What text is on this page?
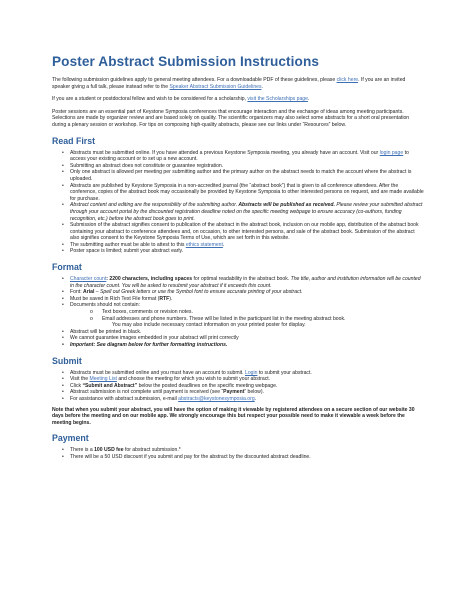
Poster Abstract Submission Instructions

The following submission guidelines apply to general meeting attendees. For a downloadable PDF of these guidelines, please click here. If you are an invited speaker giving a full talk, please instead refer to the Speaker Abstract Submission Guidelines.

If you are a student or postdoctoral fellow and wish to be considered for a scholarship, visit the Scholarships page.

Poster sessions are an essential part of Keystone Symposia conferences that encourage interaction and the exchange of ideas among meeting participants. Selections are made by organizer review and are based solely on quality. The scientific organizers may also select some abstracts for a short oral presentation during a plenary session or workshop. For tips on composing high-quality abstracts, please see our links under “Resources” below.

Read First
• Abstracts must be submitted online. If you have attended a previous Keystone Symposia meeting, you already have an account. Visit our login page to access your existing account or to set up a new account.
• Submitting an abstract does not constitute or guarantee registration.
• Only one abstract is allowed per meeting per submitting author and the primary author on the abstract needs to match the account where the abstract is uploaded.
• Abstracts are published by Keystone Symposia in a non-accredited journal (the “abstract book”) that is given to all conference attendees. After the conference, copies of the abstract book may occasionally be provided by Keystone Symposia to other interested persons on request, and are made available for purchase.
• Abstract content and editing are the responsibility of the submitting author. Abstracts will be published as received. Please review your submitted abstract through your account portal by the discounted registration deadline noted on the specific meeting webpage to ensure accuracy (co-authors, funding recognition, etc.) before the abstract book goes to print.
• Submission of the abstract signifies consent to publication of the abstract in the abstract book, inclusion on our mobile app, distribution of the abstract book containing your abstract to conference attendees and, on occasion, to other interested persons, and sale of the abstract book. Submission of the abstract also signifies consent to the Keystone Symposia Terms of Use, which are set forth in this website.
• The submitting author must be able to attest to this ethics statement.
• Poster space is limited; submit your abstract early.
Format
• Character count: 2200 characters, including spaces for optimal readability in the abstract book. The title, author and institution information will be counted in the character count. You will be asked to resubmit your abstract if it exceeds this count.
• Font: Arial – Spell out Greek letters or use the Symbol font to ensure accurate printing of your abstract.
• Must be saved in Rich Text File format (RTF).
• Documents should not contain:
o Text boxes, comments or revision notes.
o Email addresses and phone numbers. These will be listed in the participant list in the meeting abstract book.
You may also include necessary contact information on your printed poster for display.
• Abstract will be printed in black.
• We cannot guarantee images embedded in your abstract will print correctly
• Important: See diagram below for further formatting instructions.
Submit
• Abstracts must be submitted online and you must have an account to submit. Login to submit your abstract.
• Visit the Meeting List and choose the meeting for which you wish to submit your abstract.
• Click “Submit and Abstract” below the posted deadlines on the specific meeting webpage.
• Abstract submission is not complete until payment is received (see “Payment” below).
• For assistance with abstract submission, e-mail abstracts@keystonesymposia.org.

Note that when you submit your abstract, you will have the option of making it viewable by registered attendees on a secure section of our website 30 days before the meeting and on our mobile app. We strongly encourage this but respect your possible need to make it viewable a week before the meeting begins.

Payment
• There is a 100 USD fee for abstract submission.*
• There will be a 50 USD discount if you submit and pay for the abstract by the discounted abstract deadline.
